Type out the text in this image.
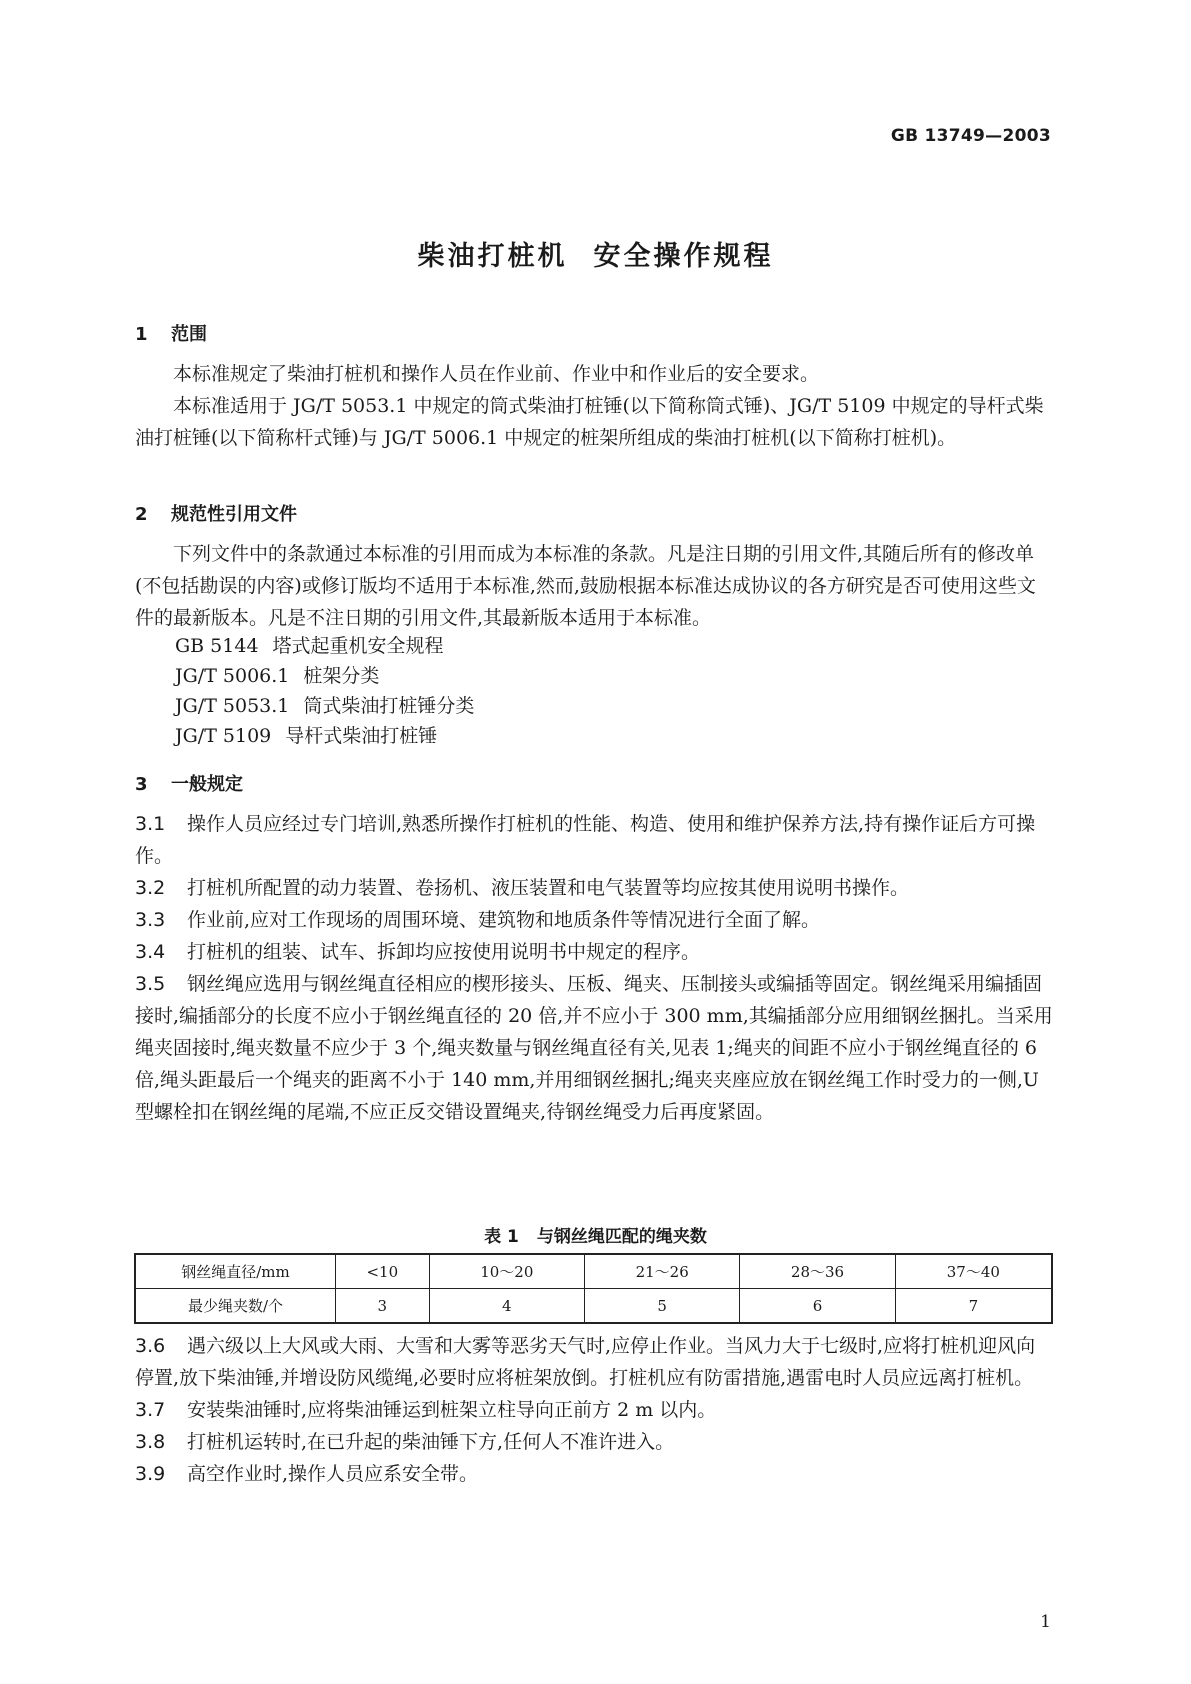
GB 13749—2003
柴油打桩机 安全操作规程
1 范围

本标准规定了柴油打桩机和操作人员在作业前、作业中和作业后的安全要求。

本标准适用于 JG/T 5053.1 中规定的筒式柴油打桩锤(以下简称筒式锤)、JG/T 5109 中规定的导杆式柴油打桩锤(以下简称杆式锤)与 JG/T 5006.1 中规定的桩架所组成的柴油打桩机(以下简称打桩机)。

2 规范性引用文件

下列文件中的条款通过本标准的引用而成为本标准的条款。凡是注日期的引用文件,其随后所有的修改单(不包括勘误的内容)或修订版均不适用于本标准,然而,鼓励根据本标准达成协议的各方研究是否可使用这些文件的最新版本。凡是不注日期的引用文件,其最新版本适用于本标准。

GB 5144 塔式起重机安全规程
JG/T 5006.1 桩架分类
JG/T 5053.1 筒式柴油打桩锤分类
JG/T 5109 导杆式柴油打桩锤
3 一般规定

3.1 操作人员应经过专门培训,熟悉所操作打桩机的性能、构造、使用和维护保养方法,持有操作证后方可操作。

3.2 打桩机所配置的动力装置、卷扬机、液压装置和电气装置等均应按其使用说明书操作。

3.3 作业前,应对工作现场的周围环境、建筑物和地质条件等情况进行全面了解。

3.4 打桩机的组装、试车、拆卸均应按使用说明书中规定的程序。

3.5 钢丝绳应选用与钢丝绳直径相应的楔形接头、压板、绳夹、压制接头或编插等固定。钢丝绳采用编插固接时,编插部分的长度不应小于钢丝绳直径的 20 倍,并不应小于 300 mm,其编插部分应用细钢丝捆扎。当采用绳夹固接时,绳夹数量不应少于 3 个,绳夹数量与钢丝绳直径有关,见表 1;绳夹的间距不应小于钢丝绳直径的 6 倍,绳头距最后一个绳夹的距离不小于 140 mm,并用细钢丝捆扎;绳夹夹座应放在钢丝绳工作时受力的一侧,U 型螺栓扣在钢丝绳的尾端,不应正反交错设置绳夹,待钢丝绳受力后再度紧固。

表 1 与钢丝绳匹配的绳夹数
钢丝绳直径/mm	<10	10～20	21～26	28～36	37～40
最少绳夹数/个	3	4	5	6	7

3.6 遇六级以上大风或大雨、大雪和大雾等恶劣天气时,应停止作业。当风力大于七级时,应将打桩机迎风向停置,放下柴油锤,并增设防风缆绳,必要时应将桩架放倒。打桩机应有防雷措施,遇雷电时人员应远离打桩机。

3.7 安装柴油锤时,应将柴油锤运到桩架立柱导向正前方 2 m 以内。

3.8 打桩机运转时,在已升起的柴油锤下方,任何人不准许进入。

3.9 高空作业时,操作人员应系安全带。

1
